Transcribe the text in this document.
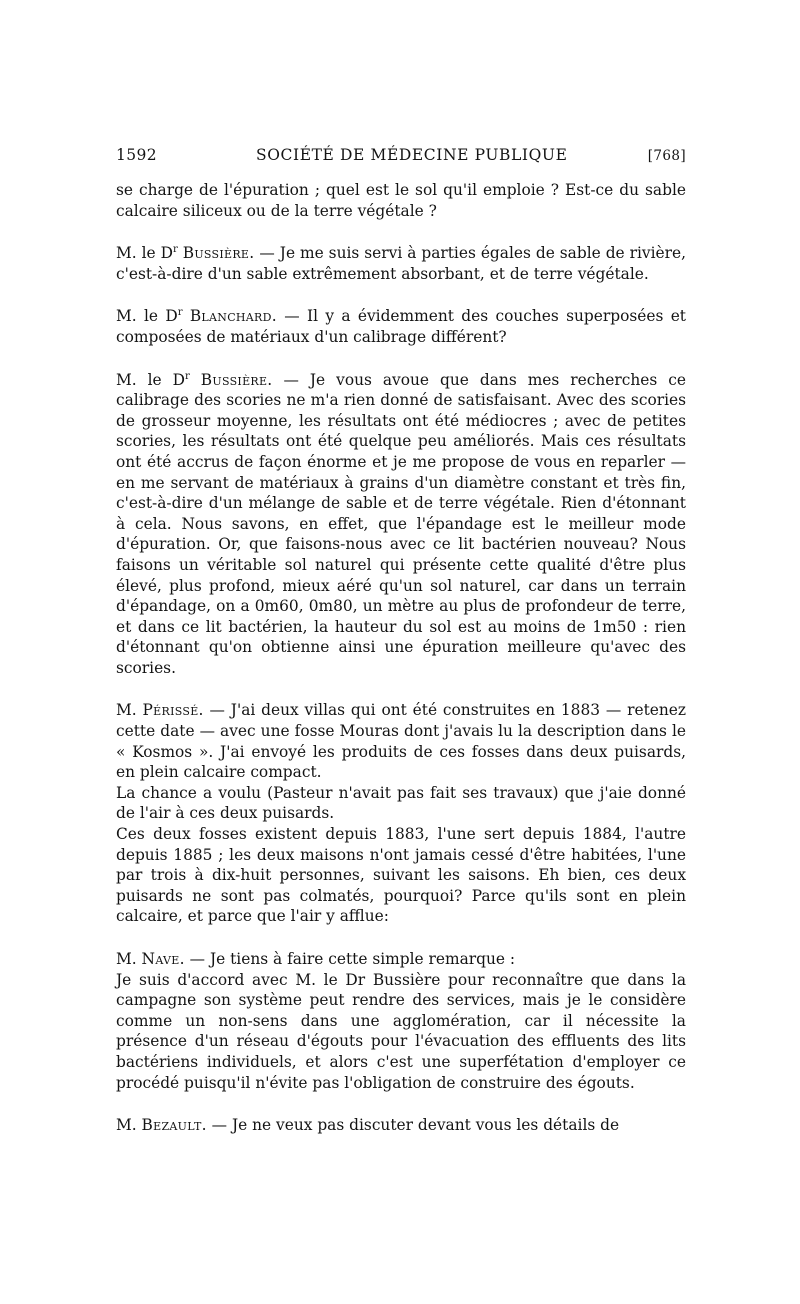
1592	SOCIÉTÉ DE MÉDECINE PUBLIQUE	[768]

se charge de l'épuration ; quel est le sol qu'il emploie ? Est-ce du sable calcaire siliceux ou de la terre végétale ?

M. le $D^r$ Bussière. — Je me suis servi à parties égales de sable de rivière, c'est-à-dire d'un sable extrêmement absorbant, et de terre végétale.

M. le $D^r$ Blanchard. — Il y a évidemment des couches superposées et composées de matériaux d'un calibrage différent?

M. le $D^r$ Bussière. — Je vous avoue que dans mes recherches ce calibrage des scories ne m'a rien donné de satisfaisant. Avec des scories de grosseur moyenne, les résultats ont été médiocres ; avec de petites scories, les résultats ont été quelque peu améliorés. Mais ces résultats ont été accrus de façon énorme et je me propose de vous en reparler — en me servant de matériaux à grains d'un diamètre constant et très fin, c'est-à-dire d'un mélange de sable et de terre végétale. Rien d'étonnant à cela. Nous savons, en effet, que l'épandage est le meilleur mode d'épuration. Or, que faisons-nous avec ce lit bactérien nouveau? Nous faisons un véritable sol naturel qui présente cette qualité d'être plus élevé, plus profond, mieux aéré qu'un sol naturel, car dans un terrain d'épandage, on a 0m60, 0m80, un mètre au plus de profondeur de terre, et dans ce lit bactérien, la hauteur du sol est au moins de 1m50 : rien d'étonnant qu'on obtienne ainsi une épuration meilleure qu'avec des scories.

M. Périssé. — J'ai deux villas qui ont été construites en 1883 — retenez cette date — avec une fosse Mouras dont j'avais lu la description dans le « Kosmos ». J'ai envoyé les produits de ces fosses dans deux puisards, en plein calcaire compact.

La chance a voulu (Pasteur n'avait pas fait ses travaux) que j'aie donné de l'air à ces deux puisards.

Ces deux fosses existent depuis 1883, l'une sert depuis 1884, l'autre depuis 1885 ; les deux maisons n'ont jamais cessé d'être habitées, l'une par trois à dix-huit personnes, suivant les saisons. Eh bien, ces deux puisards ne sont pas colmatés, pourquoi? Parce qu'ils sont en plein calcaire, et parce que l'air y afflue:

M. Nave. — Je tiens à faire cette simple remarque :

Je suis d'accord avec M. le Dr Bussière pour reconnaître que dans la campagne son système peut rendre des services, mais je le considère comme un non-sens dans une agglomération, car il nécessite la présence d'un réseau d'égouts pour l'évacuation des effluents des lits bactériens individuels, et alors c'est une superfétation d'employer ce procédé puisqu'il n'évite pas l'obligation de construire des égouts.

M. Bezault. — Je ne veux pas discuter devant vous les détails de
